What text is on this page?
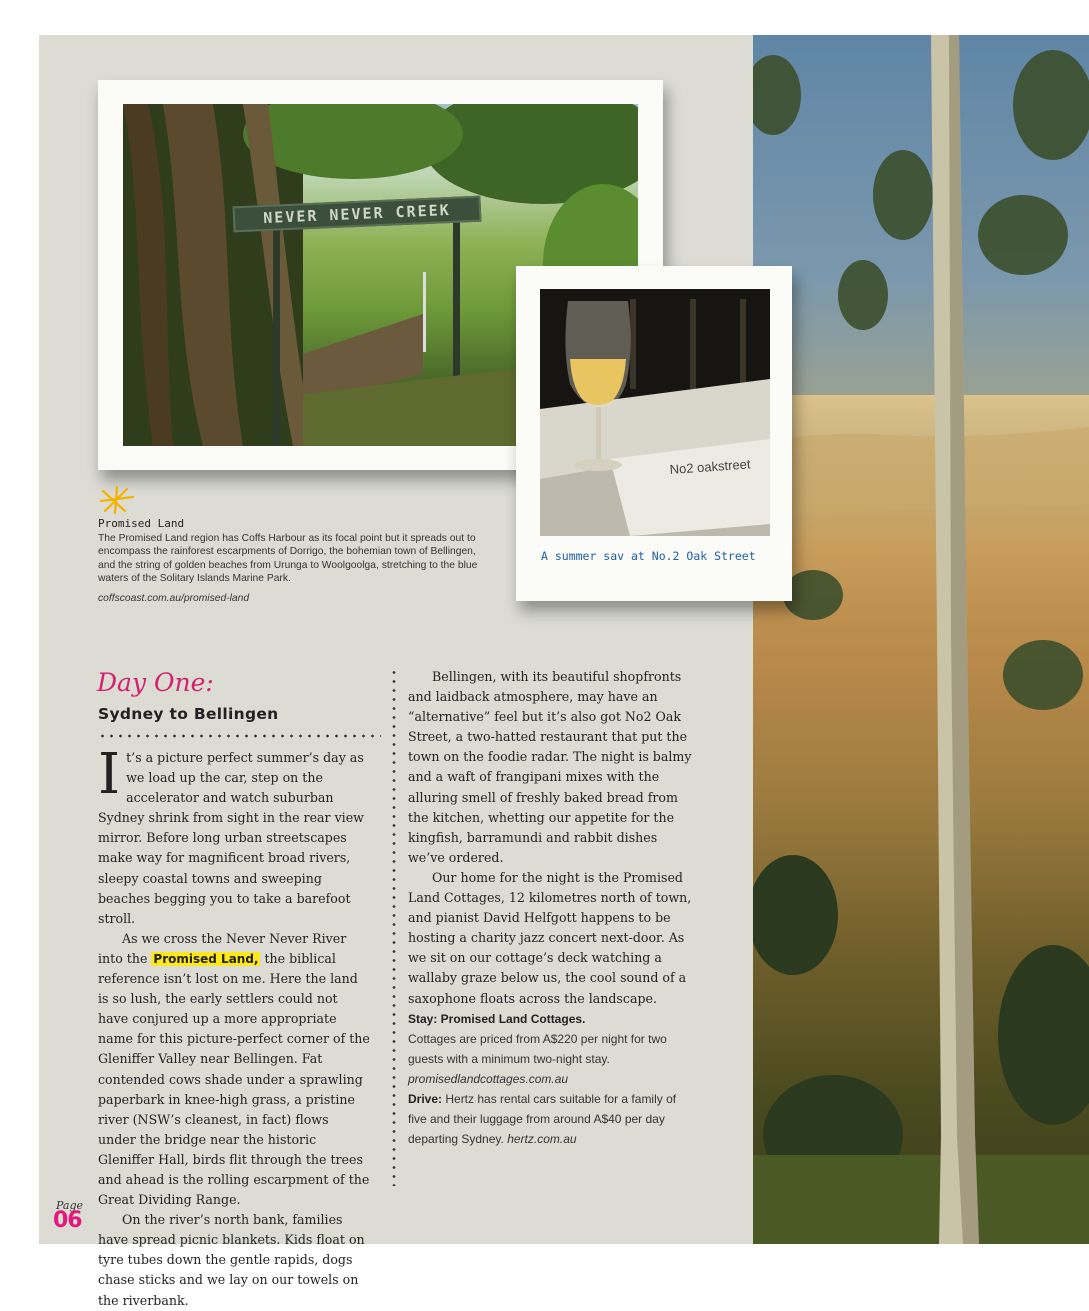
NEVER NEVER CREEK
Promised Land
The Promised Land region has Coffs Harbour as its focal point but it spreads out to encompass the rainforest escarpments of Dorrigo, the bohemian town of Bellingen, and the string of golden beaches from Urunga to Woolgoolga, stretching to the blue waters of the Solitary Islands Marine Park.
coffscoast.com.au/promised-land
No2 oakstreet
A summer sav at No.2 Oak Street
Day One:
Sydney to Bellingen

It’s a picture perfect summer’s day as we load up the car, step on the accelerator and watch suburban Sydney shrink from sight in the rear view mirror. Before long urban streetscapes make way for magnificent broad rivers, sleepy coastal towns and sweeping beaches begging you to take a barefoot stroll.

As we cross the Never Never River into the Promised Land, the biblical reference isn’t lost on me. Here the land is so lush, the early settlers could not have conjured up a more appropriate name for this picture-perfect corner of the Gleniffer Valley near Bellingen. Fat contended cows shade under a sprawling paperbark in knee-high grass, a pristine river (NSW’s cleanest, in fact) flows under the bridge near the historic Gleniffer Hall, birds flit through the trees and ahead is the rolling escarpment of the Great Dividing Range.

On the river’s north bank, families have spread picnic blankets. Kids float on tyre tubes down the gentle rapids, dogs chase sticks and we lay on our towels on the riverbank.

Bellingen, with its beautiful shopfronts and laidback atmosphere, may have an “alternative” feel but it’s also got No2 Oak Street, a two-hatted restaurant that put the town on the foodie radar. The night is balmy and a waft of frangipani mixes with the alluring smell of freshly baked bread from the kitchen, whetting our appetite for the kingfish, barramundi and rabbit dishes we’ve ordered.

Our home for the night is the Promised Land Cottages, 12 kilometres north of town, and pianist David Helfgott happens to be hosting a charity jazz concert next-door. As we sit on our cottage’s deck watching a wallaby graze below us, the cool sound of a saxophone floats across the landscape.

Stay: Promised Land Cottages.
Cottages are priced from A$220 per night for two guests with a minimum two-night stay.
promisedlandcottages.com.au
Drive: Hertz has rental cars suitable for a family of five and their luggage from around A$40 per day departing Sydney. hertz.com.au
Page
06
